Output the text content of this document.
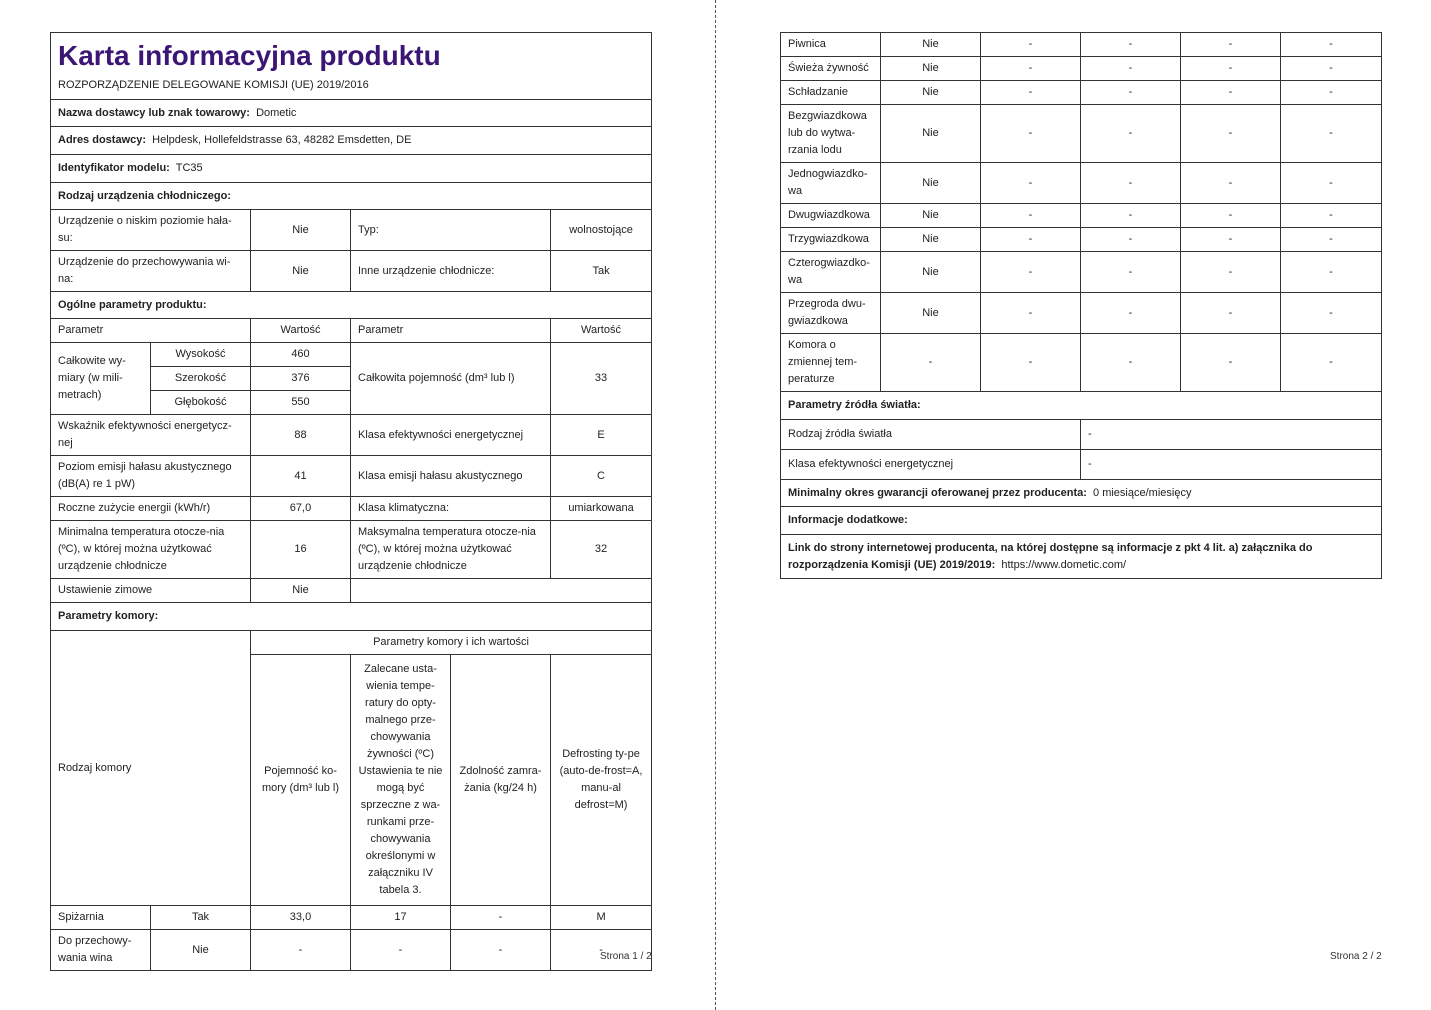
Karta informacyjna produktu
ROZPORZĄDZENIE DELEGOWANE KOMISJI (UE) 2019/2016					

Nazwa dostawcy lub znak towarowy: Dometic					
Adres dostawcy: Helpdesk, Hollefeldstrasse 63, 48282 Emsdetten, DE					
Identyfikator modelu: TC35					
Rodzaj urządzenia chłodniczego:					
Urządzenie o niskim poziomie hała-su:		Nie	Typ:		wolnostojące
Urządzenie do przechowywania wi-na:		Nie	Inne urządzenie chłodnicze:		Tak
Ogólne parametry produktu:					
Parametr		Wartość	Parametr		Wartość
Całkowite wy-miary (w mili-metrach)	Wysokość	460	Całkowita pojemność (dm³ lub l)		33
	Szerokość	376			
	Głębokość	550			
Wskaźnik efektywności energetycz-nej		88	Klasa efektywności energetycznej		E
Poziom emisji hałasu akustycznego (dB(A) re 1 pW)		41	Klasa emisji hałasu akustycznego		C
Roczne zużycie energii (kWh/r)		67,0	Klasa klimatyczna:		umiarkowana
Minimalna temperatura otocze-nia (ºC), w której można użytkować urządzenie chłodnicze		16	Maksymalna temperatura otocze-nia (ºC), w której można użytkować urządzenie chłodnicze		32
Ustawienie zimowe		Nie			
Parametry komory:					
Rodzaj komory		Parametry komory i ich wartości			
		Pojemność ko-mory (dm³ lub l)	Zalecane usta-wienia tempe-ratury do opty-malnego prze-chowywania żywności (ºC) Ustawienia te nie mogą być sprzeczne z wa-runkami prze-chowywania określonymi w załączniku IV tabela 3.	Zdolność zamra-żania (kg/24 h)	Defrosting ty-pe (auto-de-frost=A, manu-al defrost=M)
Spiżarnia	Tak	33,0	17	-	M
Do przechowy-wania wina	Nie	-	-	-	-
Strona 1 / 2
Piwnica	Nie	-	-	-	-
Świeża żywność	Nie	-	-	-	-
Schładzanie	Nie	-	-	-	-
Bezgwiazdkowa lub do wytwa-rzania lodu	Nie	-	-	-	-
Jednogwiazdko-wa	Nie	-	-	-	-
Dwugwiazdkowa	Nie	-	-	-	-
Trzygwiazdkowa	Nie	-	-	-	-
Czterogwiazdko-wa	Nie	-	-	-	-
Przegroda dwu-gwiazdkowa	Nie	-	-	-	-
Komora o zmiennej tem-peraturze	-	-	-	-	-
Parametry źródła światła:					
Rodzaj źródła światła			-		
Klasa efektywności energetycznej			-		
Minimalny okres gwarancji oferowanej przez producenta: 0 miesiące/miesięcy					
Informacje dodatkowe:					
Link do strony internetowej producenta, na której dostępne są informacje z pkt 4 lit. a) załącznika do rozporządzenia Komisji (UE) 2019/2019: https://www.dometic.com/					
Strona 2 / 2
